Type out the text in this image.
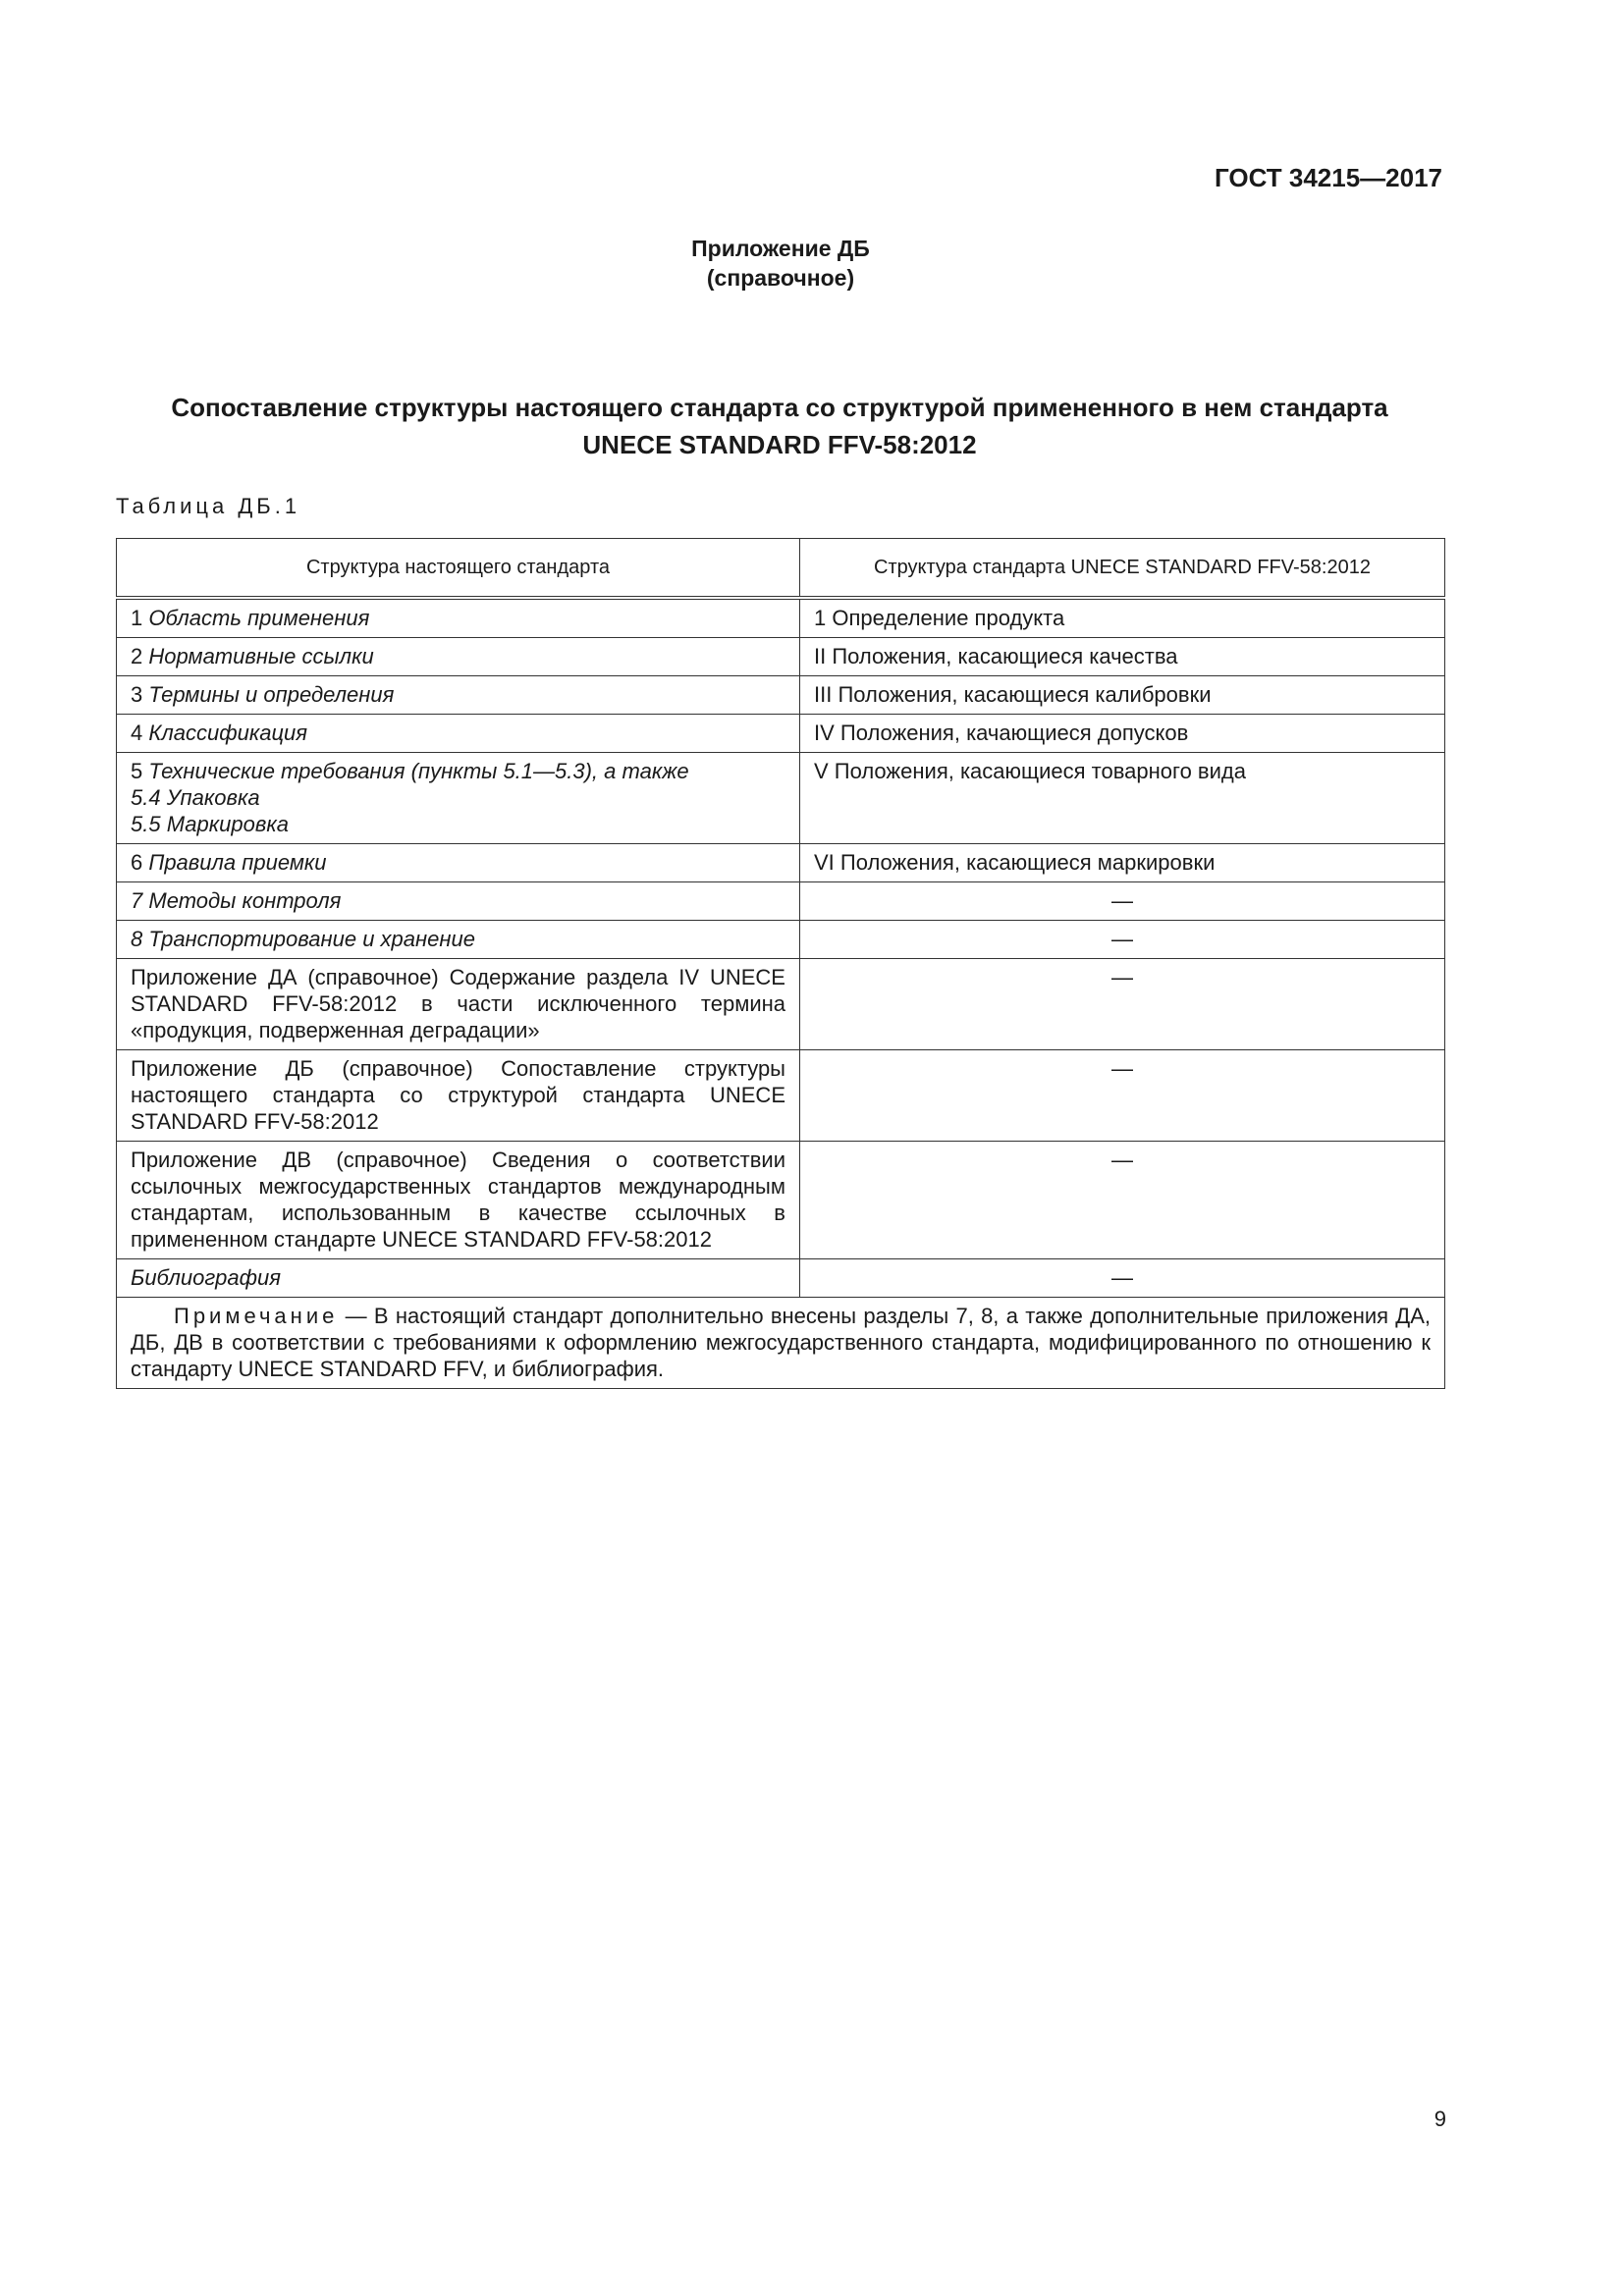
ГОСТ 34215—2017
Приложение ДБ
(справочное)
Сопоставление структуры настоящего стандарта со структурой примененного в нем стандарта
UNECE STANDARD FFV-58:2012
Таблица ДБ.1
Структура настоящего стандарта	Структура стандарта UNECE STANDARD FFV-58:2012
1 Область применения	1 Определение продукта
2 Нормативные ссылки	II Положения, касающиеся качества
3 Термины и определения	III Положения, касающиеся калибровки
4 Классификация	IV Положения, качающиеся допусков

5 Технические требования (пункты 5.1—5.3), а также
5.4 Упаковка
5.5 Маркировка	V Положения, касающиеся товарного вида
6 Правила приемки	VI Положения, касающиеся маркировки
7 Методы контроля	—
8 Транспортирование и хранение	—
Приложение ДА (справочное) Содержание раздела IV UNECE STANDARD FFV-58:2012 в части исключенного термина «продукция, подверженная деградации»	—
Приложение ДБ (справочное) Сопоставление структуры настоящего стандарта со структурой стандарта UNECE STANDARD FFV-58:2012	—
Приложение ДВ (справочное) Сведения о соответствии ссылочных межгосударственных стандартов международным стандартам, использованным в качестве ссылочных в примененном стандарте UNECE STANDARD FFV-58:2012	—
Библиография	—
Примечание — В настоящий стандарт дополнительно внесены разделы 7, 8, а также дополнительные приложения ДА, ДБ, ДВ в соответствии с требованиями к оформлению межгосударственного стандарта, модифицированного по отношению к стандарту UNECE STANDARD FFV, и библиография.	
9
